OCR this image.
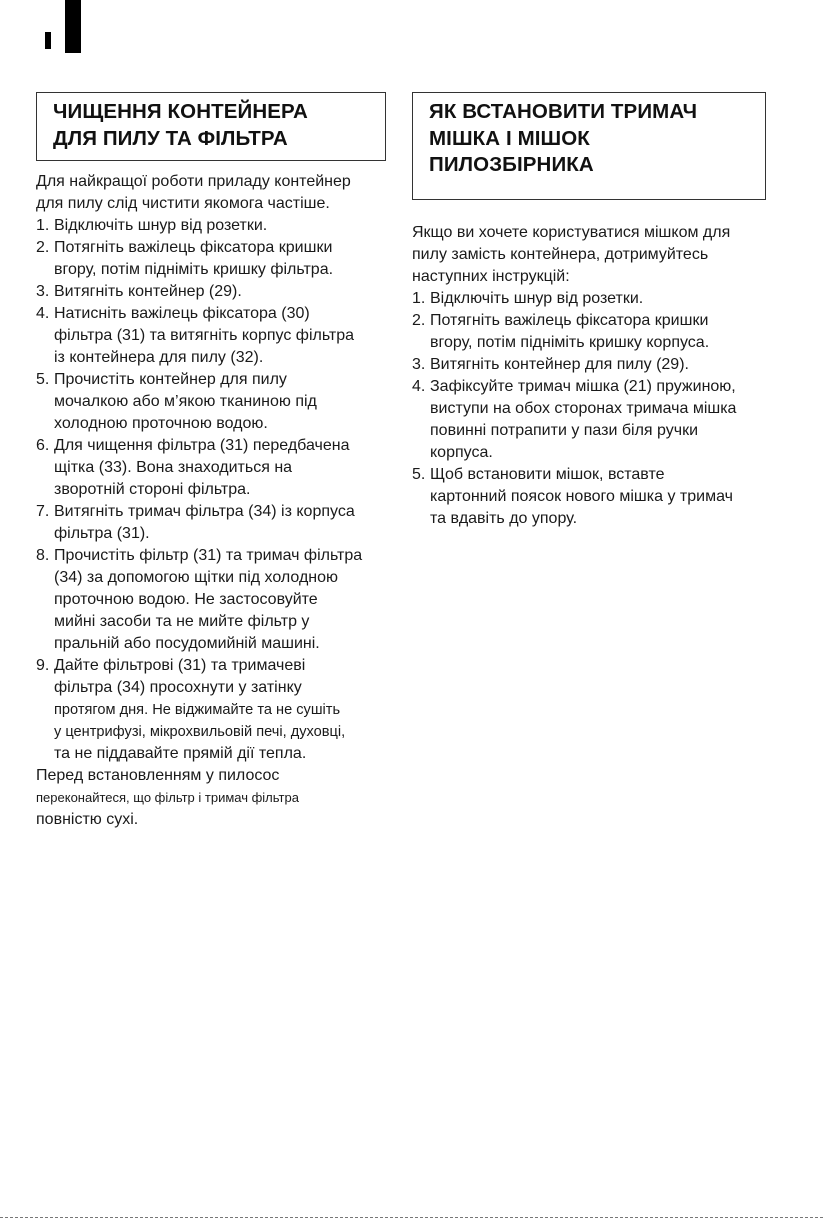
ЧИЩЕННЯ КОНТЕЙНЕРА
ДЛЯ ПИЛУ ТА ФІЛЬТРА

Для найкращої роботи приладу контейнер
для пилу слід чистити якомога частіше.

1. Відключіть шнур від розетки.
2. Потягніть важілець фіксатора кришки
вгору, потім підніміть кришку фільтра.
3. Витягніть контейнер (29).
4. Натисніть важілець фіксатора (30)
фільтра (31) та витягніть корпус фільтра
із контейнера для пилу (32).
5. Прочистіть контейнер для пилу
мочалкою або м’якою тканиною під
холодною проточною водою.
6. Для чищення фільтра (31) передбачена
щітка (33). Вона знаходиться на
зворотній стороні фільтра.
7. Витягніть тримач фільтра (34) із корпуса
фільтра (31).
8. Прочистіть фільтр (31) та тримач фільтра
(34) за допомогою щітки під холодною
проточною водою. Не застосовуйте
мийні засоби та не мийте фільтр у
пральній або посудомийній машині.
9. Дайте фільтрові (31) та тримачеві
фільтра (34) просохнути у затінку
протягом дня. Не віджимайте та не сушіть
у центрифузі, мікрохвильовій печі, духовці,
та не піддавайте прямій дії тепла.

Перед встановленням у пилосос
переконайтеся, що фільтр і тримач фільтра
повністю сухі.

ЯК ВСТАНОВИТИ ТРИМАЧ
МІШКА І МІШОК
ПИЛОЗБІРНИКА

Якщо ви хочете користуватися мішком для
пилу замість контейнера, дотримуйтесь
наступних інструкцій:

1. Відключіть шнур від розетки.
2. Потягніть важілець фіксатора кришки
вгору, потім підніміть кришку корпуса.
3. Витягніть контейнер для пилу (29).
4. Зафіксуйте тримач мішка (21) пружиною,
виступи на обох сторонах тримача мішка
повинні потрапити у пази біля ручки
корпуса.
5. Щоб встановити мішок, вставте
картонний поясок нового мішка у тримач
та вдавіть до упору.
